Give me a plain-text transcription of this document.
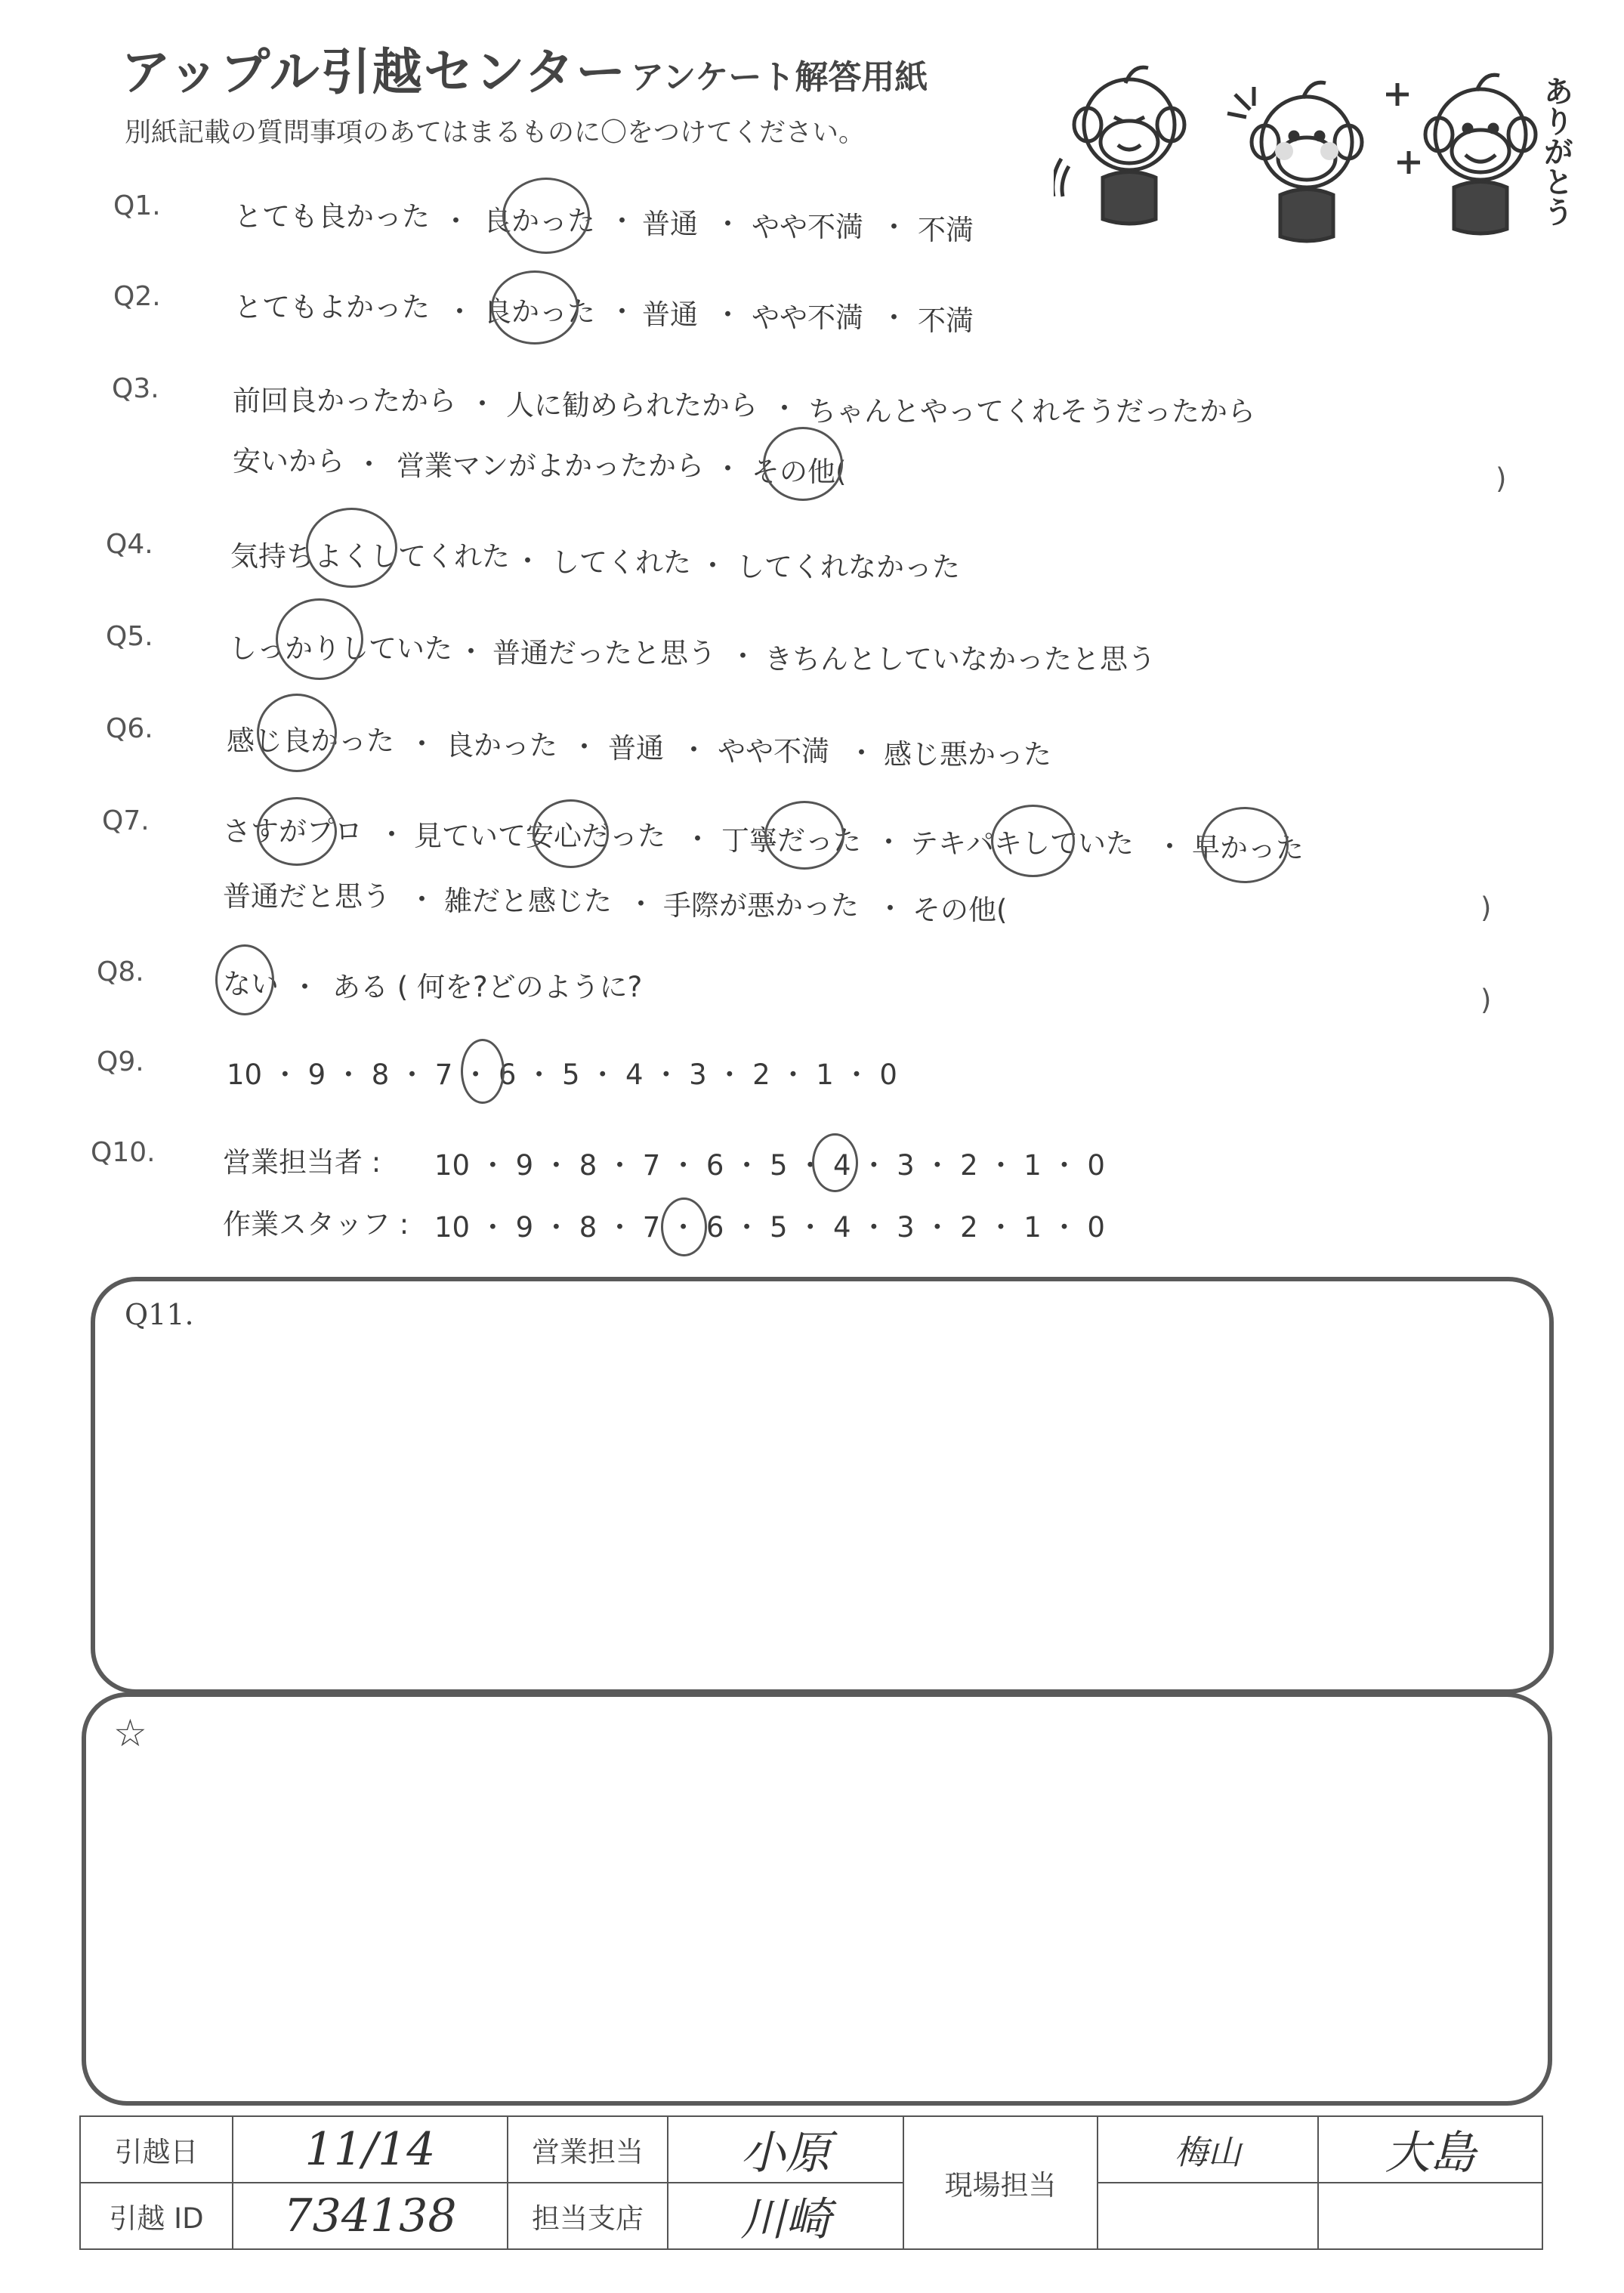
アップル引越センター アンケート解答用紙
別紙記載の質問事項のあてはまるものに〇をつけてください。	ありがとう
Q1.	とても良かった ・ 良かった ・ 普通 ・ やや不満 ・ 不満
Q2.	とてもよかった ・ 良かった ・ 普通 ・ やや不満 ・ 不満
Q3.	前回良かったから ・ 人に勧められたから ・ ちゃんとやってくれそうだったから
安いから ・ 営業マンがよかったから ・ その他(	)
Q4.	気持ちよくしてくれた ・ してくれた ・ してくれなかった
Q5.	しっかりしていた ・ 普通だったと思う ・ きちんとしていなかったと思う
Q6.	感じ良かった ・ 良かった ・ 普通 ・ やや不満 ・ 感じ悪かった
Q7.	さすがプロ ・ 見ていて安心だった ・ 丁寧だった ・ テキパキしていた ・ 早かった
普通だと思う ・ 雑だと感じた ・ 手際が悪かった ・ その他(	)
Q8.	ない ・ ある ( 何を?どのように?	)
Q9.	10 ・ 9 ・ 8 ・ 7 ・ 6 ・ 5 ・ 4 ・ 3 ・ 2 ・ 1 ・ 0
Q10. 営業担当者 : 10 ・ 9 ・ 8 ・ 7 ・ 6 ・ 5 ・ 4 ・ 3 ・ 2 ・ 1 ・ 0
作業スタッフ : 10 ・ 9 ・ 8 ・ 7 ・ 6 ・ 5 ・ 4 ・ 3 ・ 2 ・ 1 ・ 0
Q11.
☆
引越日	11/14	営業担当	小原	現場担当	梅山	大島
引越 ID	734138	担当支店	川崎			
